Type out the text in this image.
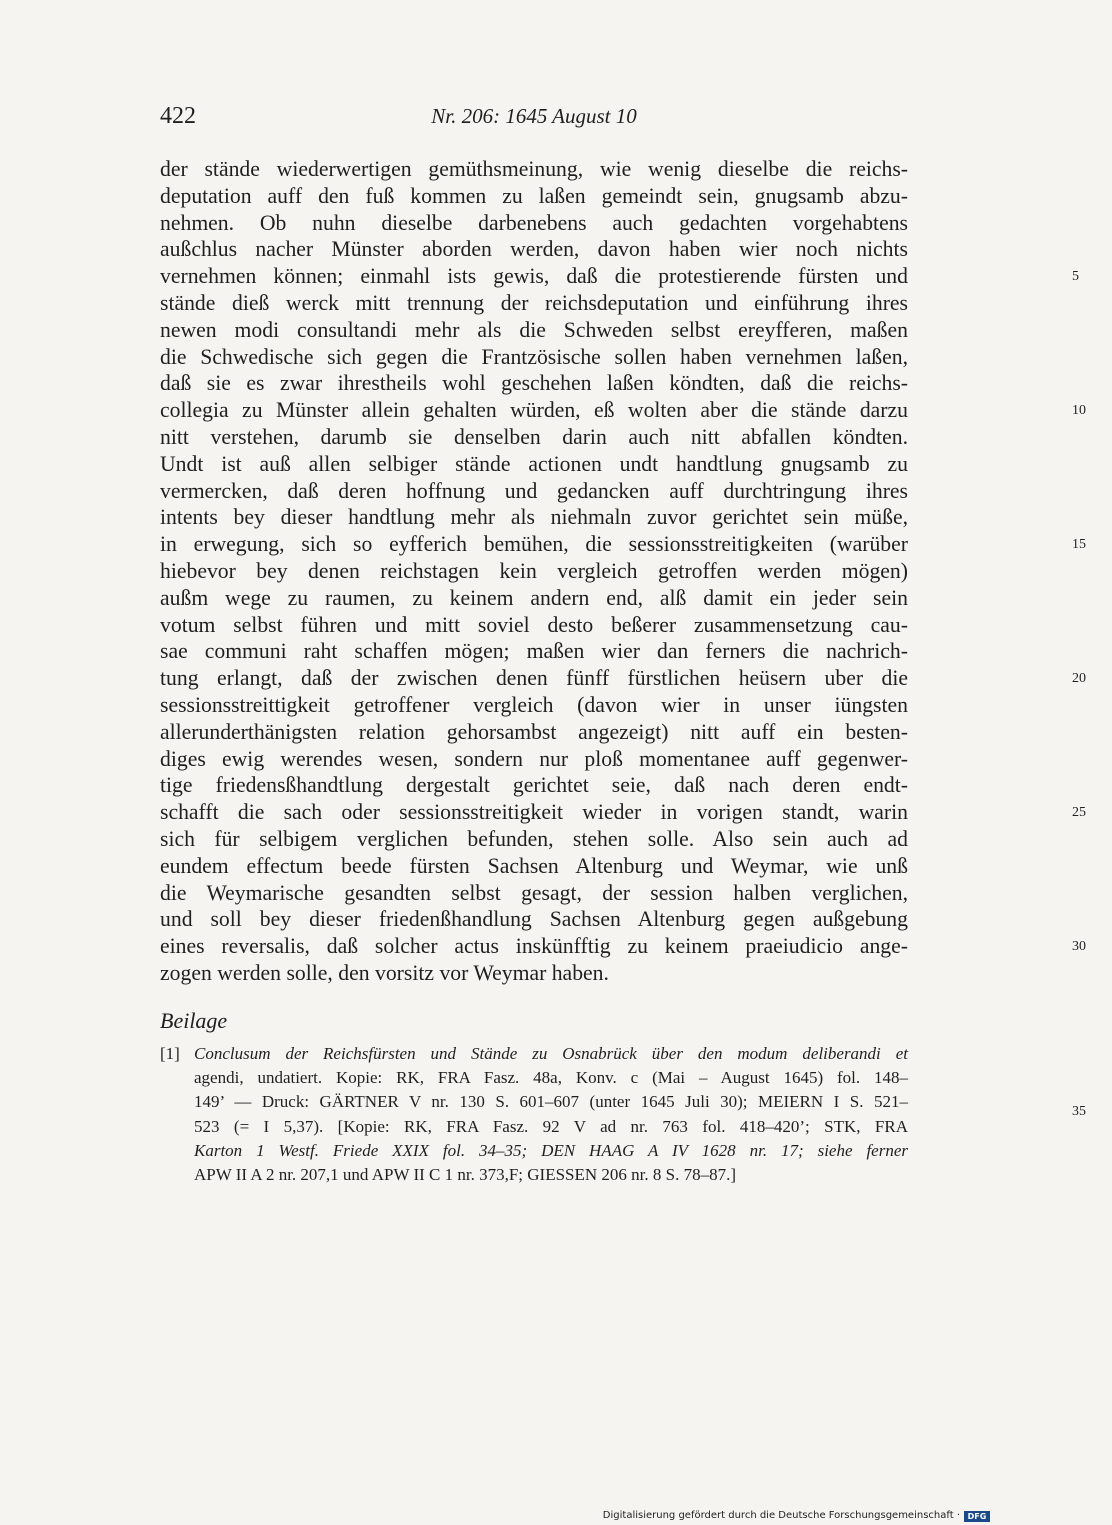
422	Nr. 206: 1645 August 10
5
10
15
20
25
30
35
der stände wiederwertigen gemüthsmeinung, wie wenig dieselbe die reichs-
deputation auff den fuß kommen zu laßen gemeindt sein, gnugsamb abzu-
nehmen. Ob nuhn dieselbe darbenebens auch gedachten vorgehabtens
außchlus nacher Münster aborden werden, davon haben wier noch nichts
vernehmen können; einmahl ists gewis, daß die protestierende fürsten und
stände dieß werck mitt trennung der reichsdeputation und einführung ihres
newen modi consultandi mehr als die Schweden selbst ereyfferen, maßen
die Schwedische sich gegen die Frantzösische sollen haben vernehmen laßen,
daß sie es zwar ihrestheils wohl geschehen laßen köndten, daß die reichs-
collegia zu Münster allein gehalten würden, eß wolten aber die stände darzu
nitt verstehen, darumb sie denselben darin auch nitt abfallen köndten.
Undt ist auß allen selbiger stände actionen undt handtlung gnugsamb zu
vermercken, daß deren hoffnung und gedancken auff durchtringung ihres
intents bey dieser handtlung mehr als niehmaln zuvor gerichtet sein müße,
in erwegung, sich so eyfferich bemühen, die sessionsstreitigkeiten (warüber
hiebevor bey denen reichstagen kein vergleich getroffen werden mögen)
außm wege zu raumen, zu keinem andern end, alß damit ein jeder sein
votum selbst führen und mitt soviel desto beßerer zusammensetzung cau-
sae communi raht schaffen mögen; maßen wier dan ferners die nachrich-
tung erlangt, daß der zwischen denen fünff fürstlichen heüsern uber die
sessionsstreittigkeit getroffener vergleich (davon wier in unser iüngsten
allerunderthänigsten relation gehorsambst angezeigt) nitt auff ein besten-
diges ewig werendes wesen, sondern nur ploß momentanee auff gegenwer-
tige friedensßhandtlung dergestalt gerichtet seie, daß nach deren endt-
schafft die sach oder sessionsstreitigkeit wieder in vorigen standt, warin
sich für selbigem verglichen befunden, stehen solle. Also sein auch ad
eundem effectum beede fürsten Sachsen Altenburg und Weymar, wie unß
die Weymarische gesandten selbst gesagt, der session halben verglichen,
und soll bey dieser friedenßhandlung Sachsen Altenburg gegen außgebung
eines reversalis, daß solcher actus inskünfftig zu keinem praeiudicio ange-
zogen werden solle, den vorsitz vor Weymar haben.
Beilage
[1] Conclusum der Reichsfürsten und Stände zu Osnabrück über den modum deliberandi et
agendi, undatiert. Kopie: RK, FRA Fasz. 48a, Konv. c (Mai – August 1645) fol. 148–
149’ — Druck: GÄRTNER V nr. 130 S. 601–607 (unter 1645 Juli 30); MEIERN I S. 521–
523 (= I 5,37). [Kopie: RK, FRA Fasz. 92 V ad nr. 763 fol. 418–420’; STK, FRA
Karton 1 Westf. Friede XXIX fol. 34–35; DEN HAAG A IV 1628 nr. 17; siehe ferner
APW II A 2 nr. 207,1 und APW II C 1 nr. 373,F; GIESSEN 206 nr. 8 S. 78–87.]
Digitalisierung gefördert durch die Deutsche Forschungsgemeinschaft · DFG
